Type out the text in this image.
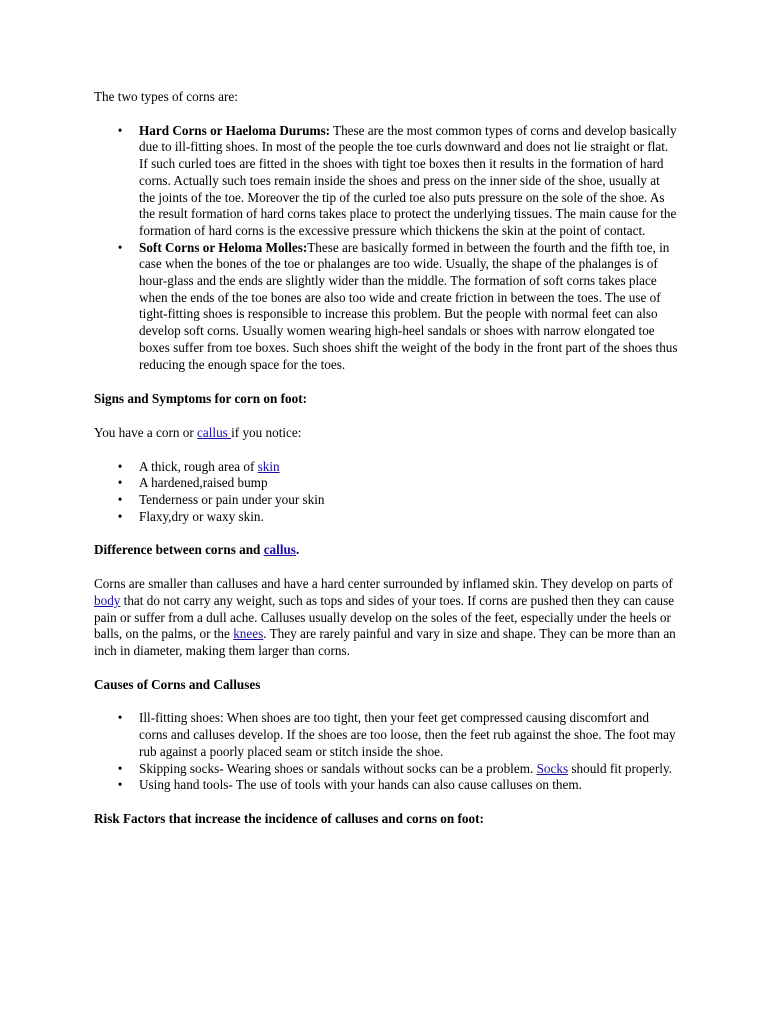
The two types of corns are:

• Hard Corns or Haeloma Durums: These are the most common types of corns and develop basically due to ill-fitting shoes. In most of the people the toe curls downward and does not lie straight or flat. If such curled toes are fitted in the shoes with tight toe boxes then it results in the formation of hard corns. Actually such toes remain inside the shoes and press on the inner side of the shoe, usually at the joints of the toe. Moreover the tip of the curled toe also puts pressure on the sole of the shoe. As the result formation of hard corns takes place to protect the underlying tissues. The main cause for the formation of hard corns is the excessive pressure which thickens the skin at the point of contact.
• Soft Corns or Heloma Molles:These are basically formed in between the fourth and the fifth toe, in case when the bones of the toe or phalanges are too wide. Usually, the shape of the phalanges is of hour-glass and the ends are slightly wider than the middle. The formation of soft corns takes place when the ends of the toe bones are also too wide and create friction in between the toes. The use of tight-fitting shoes is responsible to increase this problem. But the people with normal feet can also develop soft corns. Usually women wearing high-heel sandals or shoes with narrow elongated toe boxes suffer from toe boxes. Such shoes shift the weight of the body in the front part of the shoes thus reducing the enough space for the toes.

Signs and Symptoms for corn on foot:

You have a corn or callus if you notice:

• A thick, rough area of skin
• A hardened,raised bump
• Tenderness or pain under your skin
• Flaxy,dry or waxy skin.

Difference between corns and callus.

Corns are smaller than calluses and have a hard center surrounded by inflamed skin. They develop on parts of body that do not carry any weight, such as tops and sides of your toes. If corns are pushed then they can cause pain or suffer from a dull ache. Calluses usually develop on the soles of the feet, especially under the heels or balls, on the palms, or the knees. They are rarely painful and vary in size and shape. They can be more than an inch in diameter, making them larger than corns.

Causes of Corns and Calluses

• Ill-fitting shoes: When shoes are too tight, then your feet get compressed causing discomfort and corns and calluses develop. If the shoes are too loose, then the feet rub against the shoe. The foot may rub against a poorly placed seam or stitch inside the shoe.
• Skipping socks- Wearing shoes or sandals without socks can be a problem. Socks should fit properly.
• Using hand tools- The use of tools with your hands can also cause calluses on them.

Risk Factors that increase the incidence of calluses and corns on foot:
